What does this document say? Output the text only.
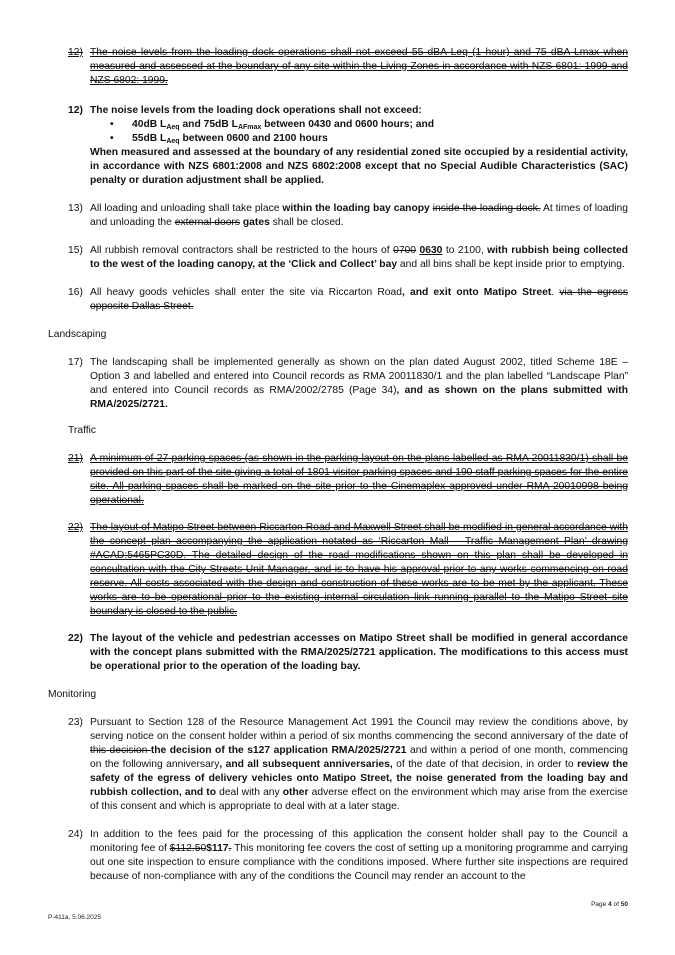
12) The noise levels from the loading dock operations shall not exceed 55 dBA Leq (1 hour) and 75 dBA Lmax when measured and assessed at the boundary of any site within the Living Zones in accordance with NZS 6801: 1999 and NZS 6802: 1999.
12) The noise levels from the loading dock operations shall not exceed:
• 40dB $L_{Aeq}$ and 75dB $L_{AFmax}$ between 0430 and 0600 hours; and
• 55dB $L_{Aeq}$ between 0600 and 2100 hours
When measured and assessed at the boundary of any residential zoned site occupied by a residential activity, in accordance with NZS 6801:2008 and NZS 6802:2008 except that no Special Audible Characteristics (SAC) penalty or duration adjustment shall be applied.
13) All loading and unloading shall take place within the loading bay canopy inside the loading dock. At times of loading and unloading the external doors gates shall be closed.
15) All rubbish removal contractors shall be restricted to the hours of 0700 0630 to 2100, with rubbish being collected to the west of the loading canopy, at the ‘Click and Collect’ bay and all bins shall be kept inside prior to emptying.
16) All heavy goods vehicles shall enter the site via Riccarton Road, and exit onto Matipo Street. via the egress opposite Dallas Street.
Landscaping
17) The landscaping shall be implemented generally as shown on the plan dated August 2002, titled Scheme 18E – Option 3 and labelled and entered into Council records as RMA 20011830/1 and the plan labelled “Landscape Plan” and entered into Council records as RMA/2002/2785 (Page 34), and as shown on the plans submitted with RMA/2025/2721.
Traffic
21) A minimum of 27 parking spaces (as shown in the parking layout on the plans labelled as RMA 20011830/1) shall be provided on this part of the site giving a total of 1801 visitor parking spaces and 190 staff parking spaces for the entire site. All parking spaces shall be marked on the site prior to the Cinemaplex approved under RMA 20010998 being operational.
22) The layout of Matipo Street between Riccarton Road and Maxwell Street shall be modified in general accordance with the concept plan accompanying the application notated as ‘Riccarton Mall – Traffic Management Plan’ drawing #ACAD:5465PC30D. The detailed design of the road modifications shown on this plan shall be developed in consultation with the City Streets Unit Manager, and is to have his approval prior to any works commencing on road reserve. All costs associated with the design and construction of these works are to be met by the applicant. These works are to be operational prior to the existing internal circulation link running parallel to the Matipo Street site boundary is closed to the public.
22) The layout of the vehicle and pedestrian accesses on Matipo Street shall be modified in general accordance with the concept plans submitted with the RMA/2025/2721 application. The modifications to this access must be operational prior to the operation of the loading bay.
Monitoring
23) Pursuant to Section 128 of the Resource Management Act 1991 the Council may review the conditions above, by serving notice on the consent holder within a period of six months commencing the second anniversary of the date of this decision the decision of the s127 application RMA/2025/2721 and within a period of one month, commencing on the following anniversary, and all subsequent anniversaries, of the date of that decision, in order to review the safety of the egress of delivery vehicles onto Matipo Street, the noise generated from the loading bay and rubbish collection, and to deal with any other adverse effect on the environment which may arise from the exercise of this consent and which is appropriate to deal with at a later stage.
24) In addition to the fees paid for the processing of this application the consent holder shall pay to the Council a monitoring fee of $112.50$117. This monitoring fee covers the cost of setting up a monitoring programme and carrying out one site inspection to ensure compliance with the conditions imposed. Where further site inspections are required because of non-compliance with any of the conditions the Council may render an account to the
Page 4 of 50
P-411a, 5.06.2025
